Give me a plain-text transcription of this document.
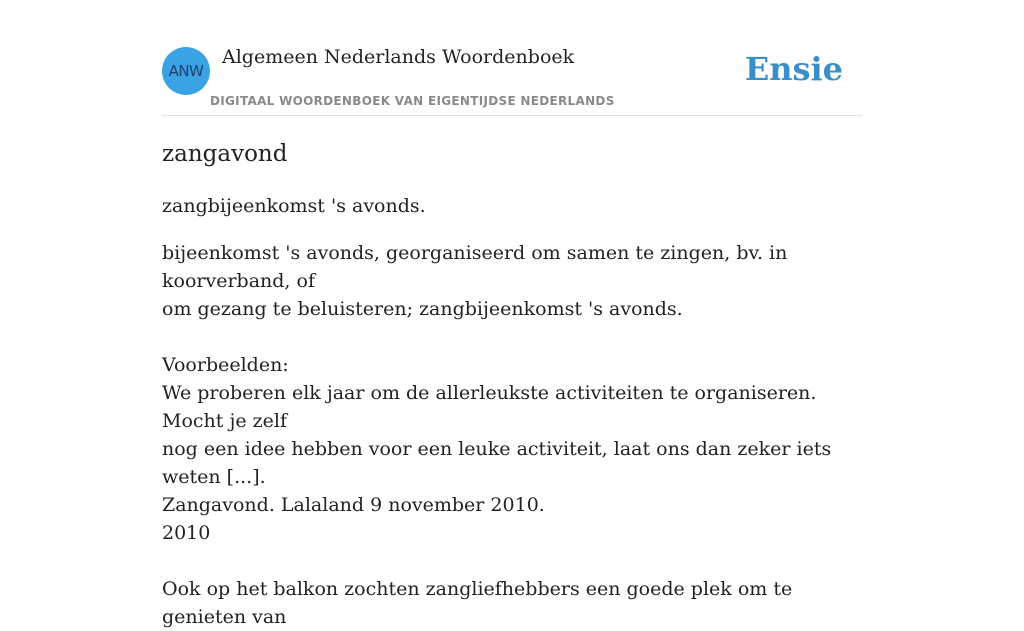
ANW
Algemeen Nederlands Woordenboek
DIGITAAL WOORDENBOEK VAN EIGENTIJDSE NEDERLANDS
Ensie
zangavond

zangbijeenkomst 's avonds.

bijeenkomst 's avonds, georganiseerd om samen te zingen, bv. in koorverband, of
om gezang te beluisteren; zangbijeenkomst 's avonds.
Voorbeelden:
We proberen elk jaar om de allerleukste activiteiten te organiseren. Mocht je zelf
nog een idee hebben voor een leuke activiteit, laat ons dan zeker iets weten [...].
Zangavond. Lalaland 9 november 2010.
2010
Ook op het balkon zochten zangliefhebbers een goede plek om te genieten van
